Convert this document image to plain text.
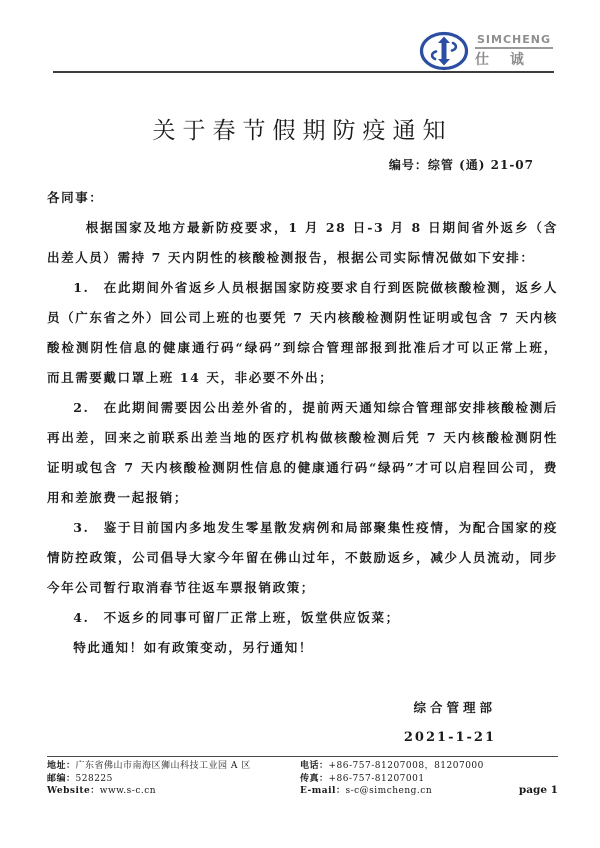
SIMCHENG
仕 诚
关于春节假期防疫通知
编号：综管 (通) 21-07

各同事：

根据国家及地方最新防疫要求，1 月 28 日-3 月 8 日期间省外返乡（含出差人员）需持 7 天内阴性的核酸检测报告，根据公司实际情况做如下安排：

1.　在此期间外省返乡人员根据国家防疫要求自行到医院做核酸检测，返乡人员（广东省之外）回公司上班的也要凭 7 天内核酸检测阴性证明或包含 7 天内核酸检测阴性信息的健康通行码“绿码”到综合管理部报到批准后才可以正常上班，而且需要戴口罩上班 14 天，非必要不外出；

2.　在此期间需要因公出差外省的，提前两天通知综合管理部安排核酸检测后再出差，回来之前联系出差当地的医疗机构做核酸检测后凭 7 天内核酸检测阴性证明或包含 7 天内核酸检测阴性信息的健康通行码“绿码”才可以启程回公司，费用和差旅费一起报销；

3.　鉴于目前国内多地发生零星散发病例和局部聚集性疫情，为配合国家的疫情防控政策，公司倡导大家今年留在佛山过年，不鼓励返乡，减少人员流动，同步今年公司暂行取消春节往返车票报销政策；

4.　不返乡的同事可留厂正常上班，饭堂供应饭菜；

特此通知！如有政策变动，另行通知！

综合管理部
2021-1-21
地址：广东省佛山市南海区狮山科技工业园 A 区
邮编：528225
Website：www.s-c.cn
电话：+86-757-81207008，81207000
传真：+86-757-81207001
E-mail：s-c@simcheng.cn	page 1
